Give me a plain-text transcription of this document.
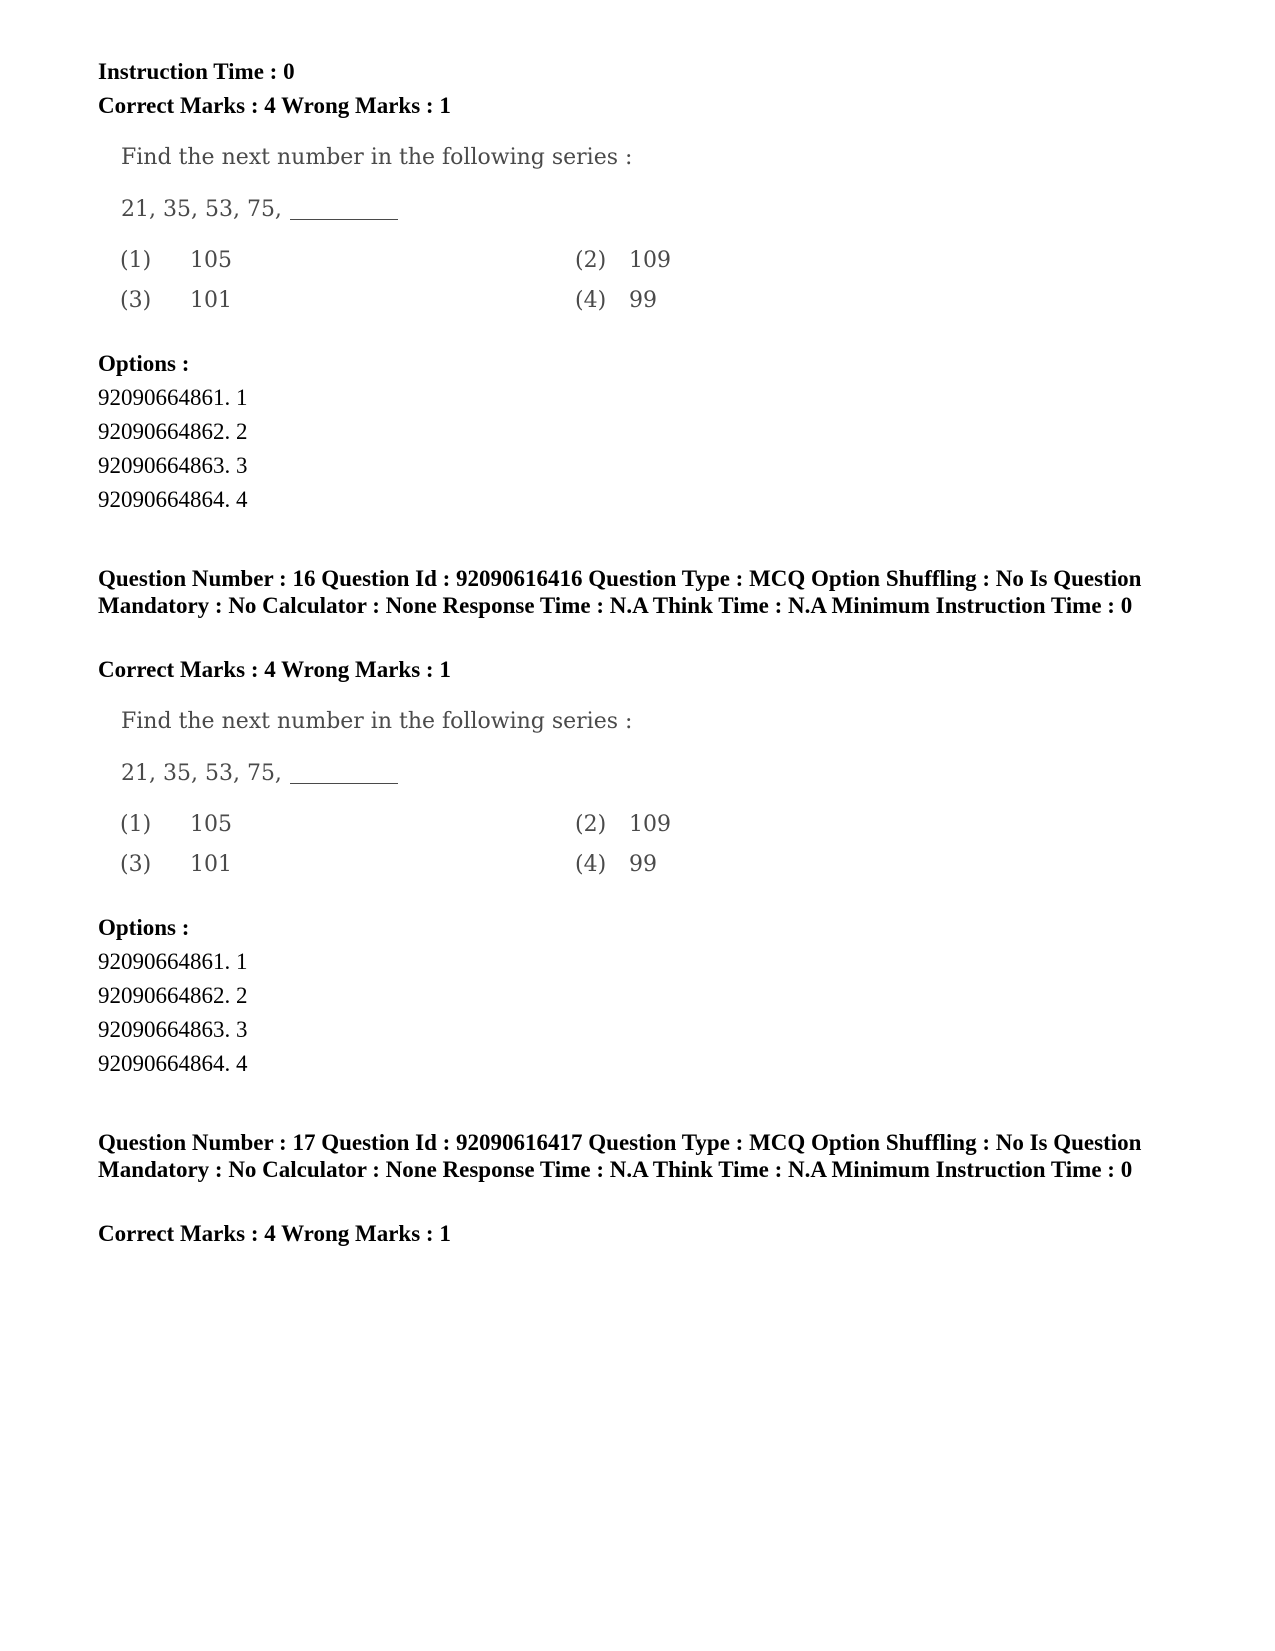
Instruction Time : 0
Correct Marks : 4 Wrong Marks : 1
Find the next number in the following series :
21, 35, 53, 75,
(1) 105	(2) 109
(3) 101	(4) 99
Options :
92090664861. 1
92090664862. 2
92090664863. 3
92090664864. 4

Question Number : 16 Question Id : 92090616416 Question Type : MCQ Option Shuffling : No Is Question Mandatory : No Calculator : None Response Time : N.A Think Time : N.A Minimum Instruction Time : 0

Correct Marks : 4 Wrong Marks : 1
Find the next number in the following series :
21, 35, 53, 75,
(1) 105	(2) 109
(3) 101	(4) 99
Options :
92090664861. 1
92090664862. 2
92090664863. 3
92090664864. 4

Question Number : 17 Question Id : 92090616417 Question Type : MCQ Option Shuffling : No Is Question Mandatory : No Calculator : None Response Time : N.A Think Time : N.A Minimum Instruction Time : 0

Correct Marks : 4 Wrong Marks : 1
